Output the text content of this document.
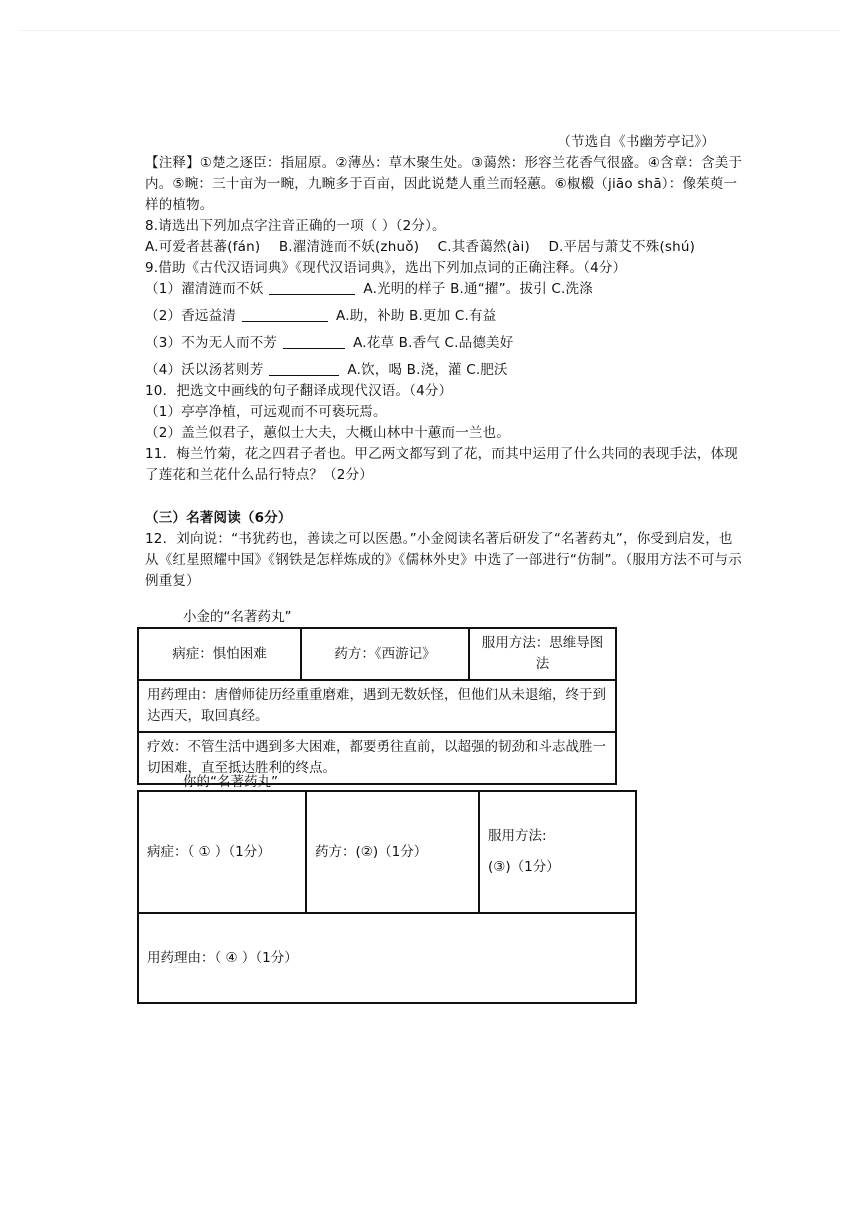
（节选自《书幽芳亭记》）

【注释】①楚之逐臣：指屈原。②薄丛：草木聚生处。③蔼然：形容兰花香气很盛。④含章：含美于内。⑤畹：三十亩为一畹，九畹多于百亩，因此说楚人重兰而轻蕙。⑥椒榝（jiāo shā）：像茱萸一样的植物。

8.请选出下列加点字注音正确的一项（ ）（2分）。

A.可爱者甚蕃(fán) B.濯清涟而不妖(zhuǒ) C.其香蔼然(ài) D.平居与萧艾不殊(shú)

9.借助《古代汉语词典》《现代汉语词典》，选出下列加点词的正确注释。（4分）

（1）濯清涟而不妖	A.光明的样子 B.通“擢”。拔引 C.洗涤

（2）香远益清	A.助，补助 B.更加 C.有益

（3）不为无人而不芳	A.花草 B.香气 C.品德美好

（4）沃以汤茗则芳	A.饮，喝 B.浇，灌 C.肥沃

10．把选文中画线的句子翻译成现代汉语。（4分）

（1）亭亭净植，可远观而不可亵玩焉。

（2）盖兰似君子，蕙似士大夫，大概山林中十蕙而一兰也。

11．梅兰竹菊，花之四君子者也。甲乙两文都写到了花，而其中运用了什么共同的表现手法，体现了莲花和兰花什么品行特点？（2分）

（三）名著阅读（6分）

12．刘向说：“书犹药也，善读之可以医愚。”小金阅读名著后研发了“名著药丸”，你受到启发，也从《红星照耀中国》《钢铁是怎样炼成的》《儒林外史》中选了一部进行“仿制”。（服用方法不可与示例重复）

小金的“名著药丸”
病症：惧怕困难	药方：《西游记》	服用方法：思维导图法
用药理由：唐僧师徒历经重重磨难，遇到无数妖怪，但他们从未退缩，终于到达西天，取回真经。
疗效：不管生活中遇到多大困难，都要勇往直前，以超强的韧劲和斗志战胜一切困难，直至抵达胜利的终点。
你的“名著药丸”
病症：（ ① ）（1分）	药方：(②)（1分）	
服用方法:
(③)（1分）

用药理由：（ ④ ）（1分）
